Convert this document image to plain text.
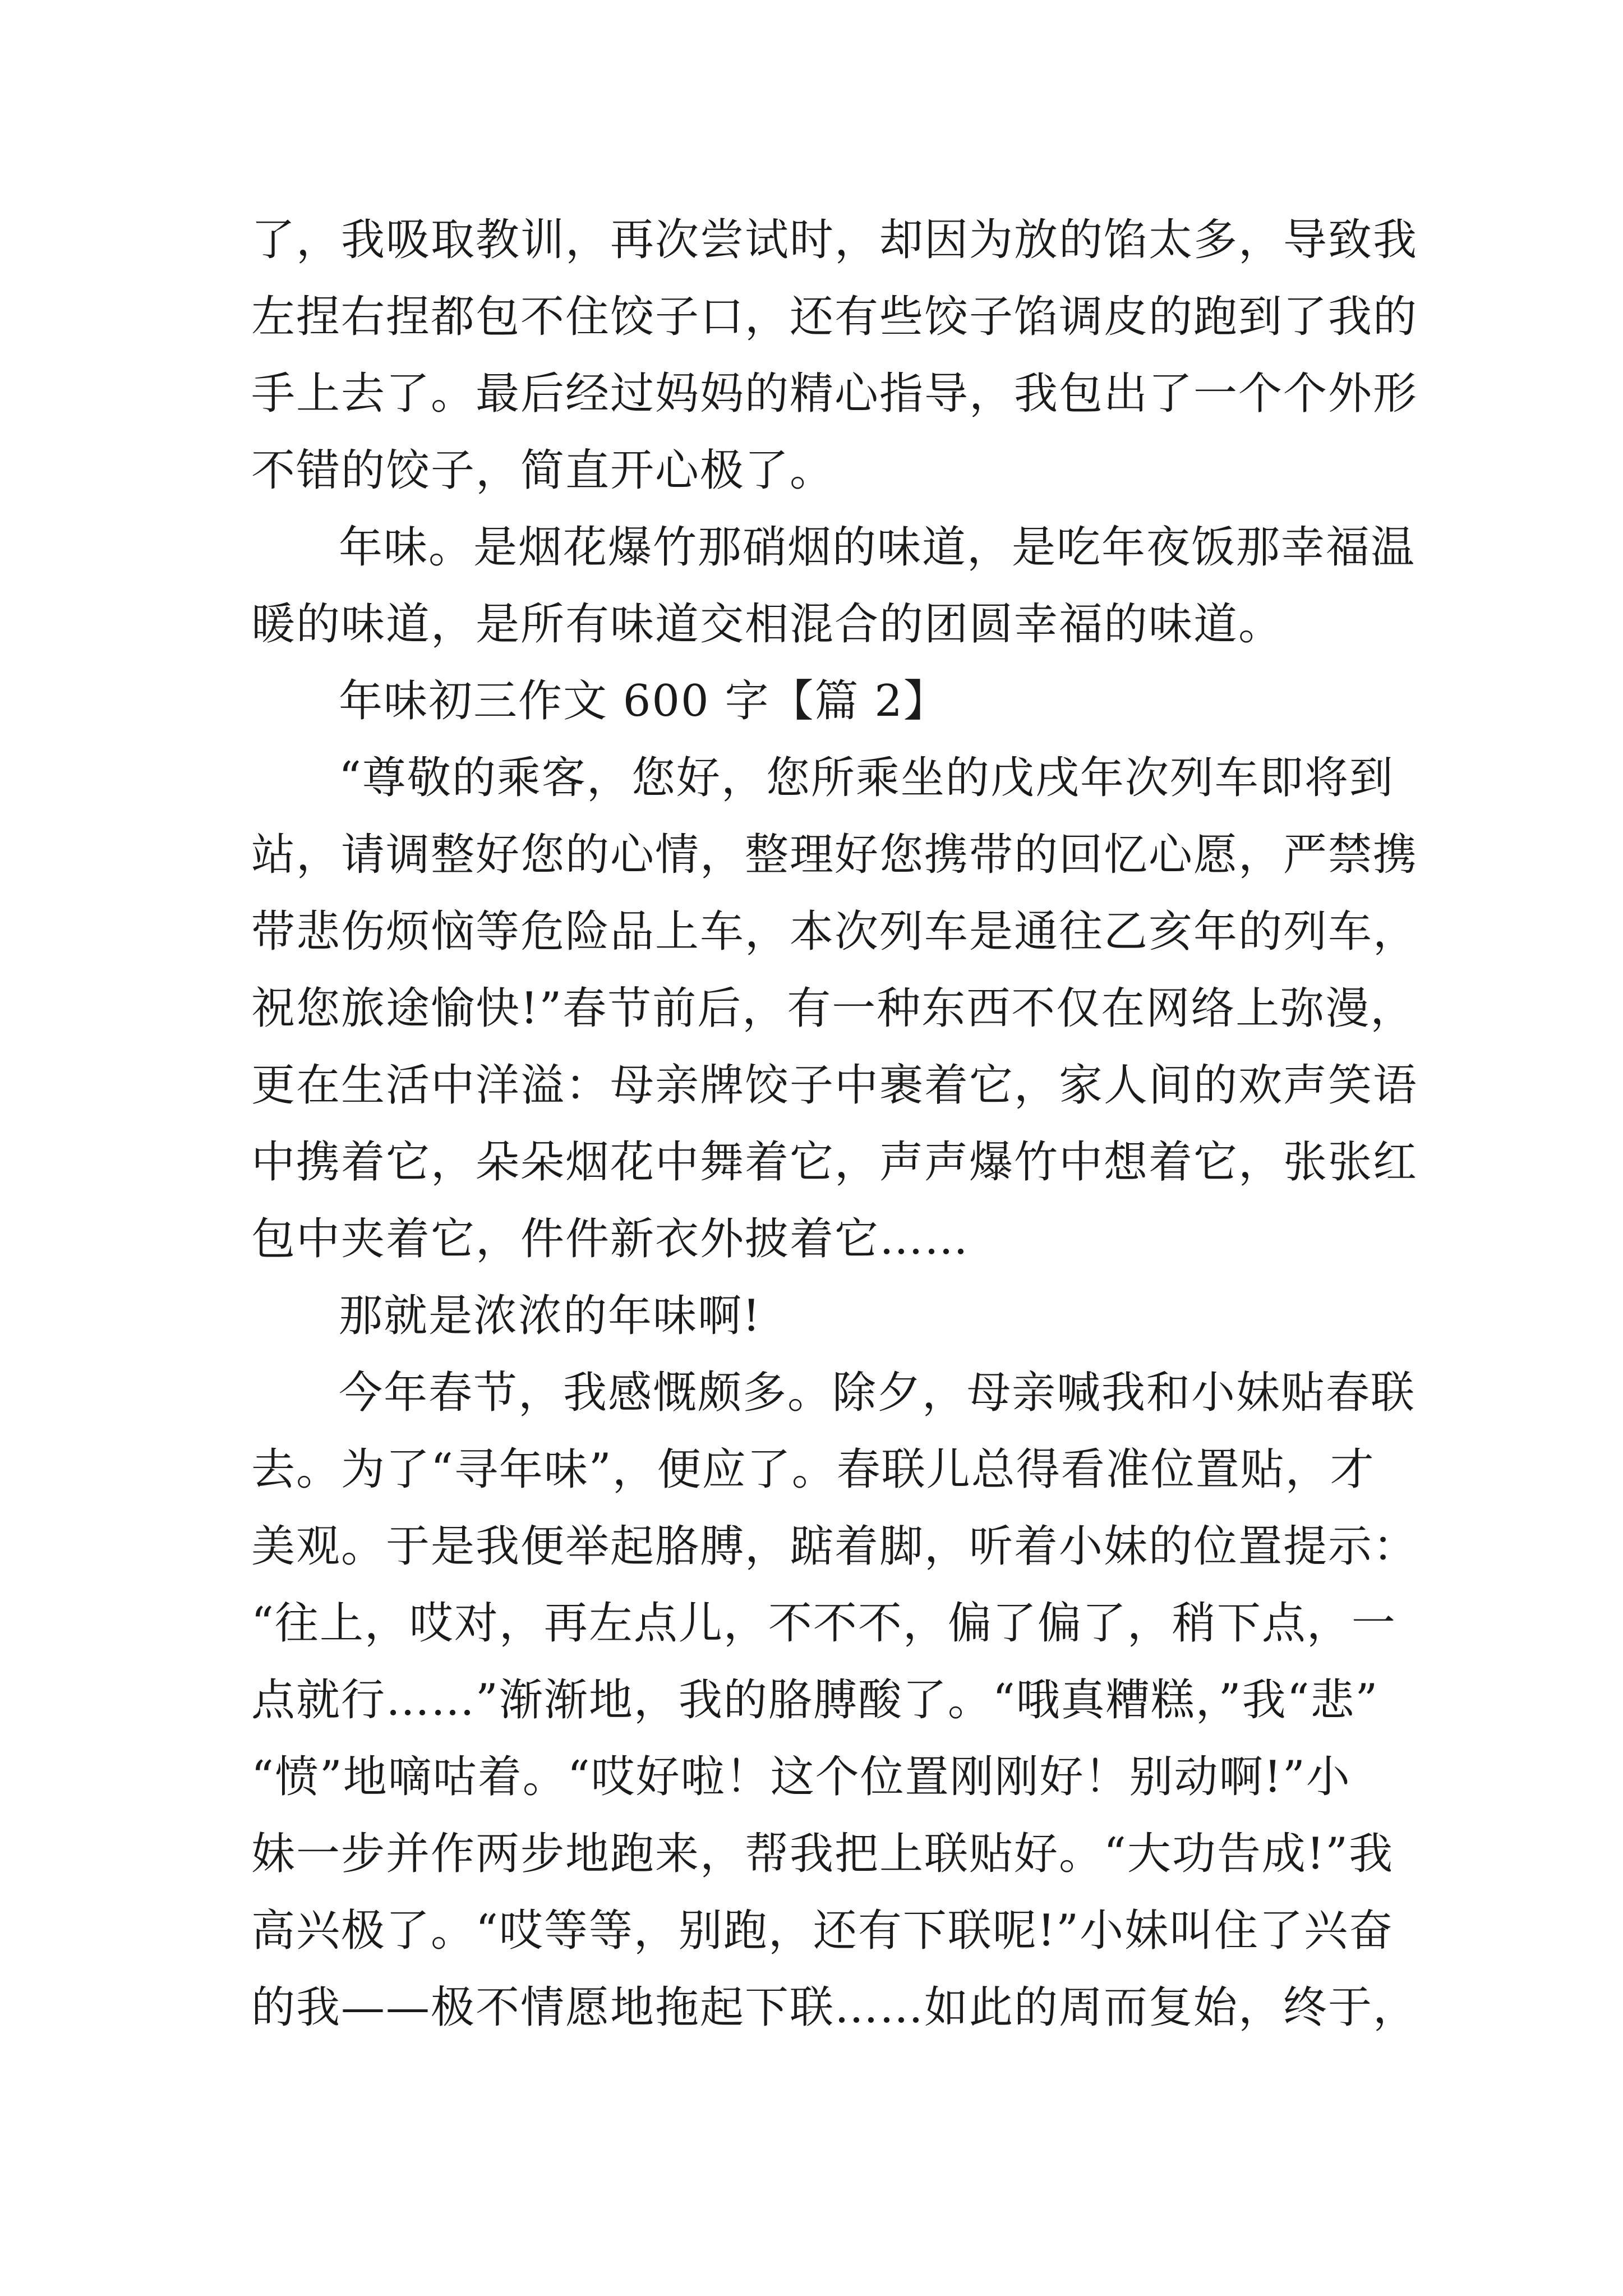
了，我吸取教训，再次尝试时，却因为放的馅太多，导致我
左捏右捏都包不住饺子口，还有些饺子馅调皮的跑到了我的
手上去了。最后经过妈妈的精心指导，我包出了一个个外形
不错的饺子，简直开心极了。
年味。是烟花爆竹那硝烟的味道，是吃年夜饭那幸福温
暖的味道，是所有味道交相混合的团圆幸福的味道。
年味初三作文 600 字【篇 2】
“尊敬的乘客，您好，您所乘坐的戊戌年次列车即将到
站，请调整好您的心情，整理好您携带的回忆心愿，严禁携
带悲伤烦恼等危险品上车，本次列车是通往乙亥年的列车，
祝您旅途愉快!”春节前后，有一种东西不仅在网络上弥漫，
更在生活中洋溢：母亲牌饺子中裹着它，家人间的欢声笑语
中携着它，朵朵烟花中舞着它，声声爆竹中想着它，张张红
包中夹着它，件件新衣外披着它……
那就是浓浓的年味啊!
今年春节，我感慨颇多。除夕，母亲喊我和小妹贴春联
去。为了“寻年味”，便应了。春联儿总得看准位置贴，才
美观。于是我便举起胳膊，踮着脚，听着小妹的位置提示：
“往上，哎对，再左点儿，不不不，偏了偏了，稍下点，一
点就行……”渐渐地，我的胳膊酸了。“哦真糟糕，”我“悲”
“愤”地嘀咕着。“哎好啦！这个位置刚刚好！别动啊!”小
妹一步并作两步地跑来，帮我把上联贴好。“大功告成!”我
高兴极了。“哎等等，别跑，还有下联呢!”小妹叫住了兴奋
的我——极不情愿地拖起下联……如此的周而复始，终于，
